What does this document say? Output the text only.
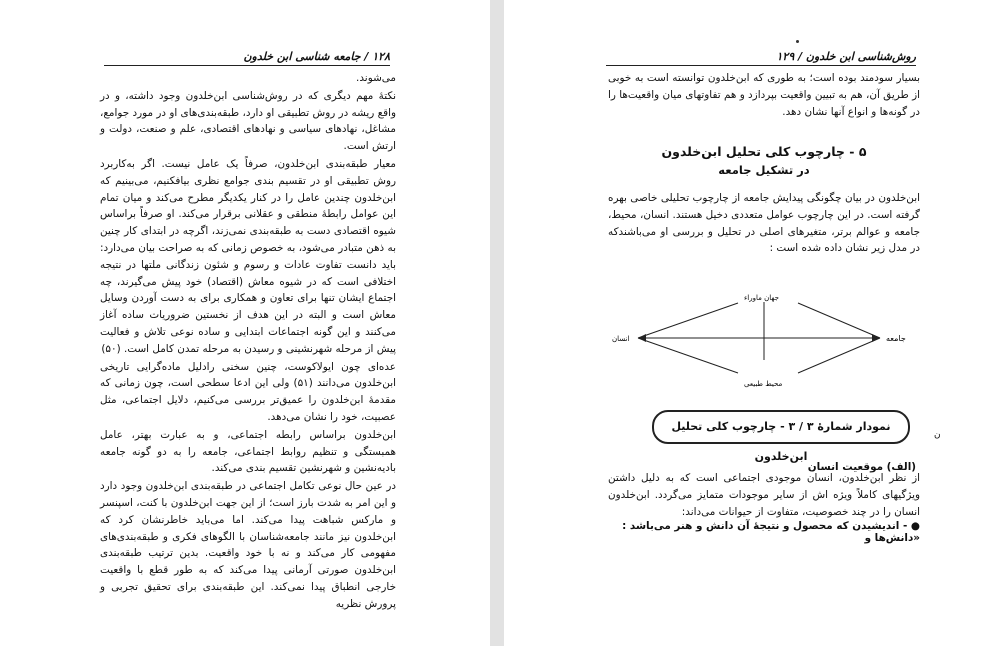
۱۲۸ / جامعه شناسی ابن خلدون

می‌شوند.

نکتهٔ مهم دیگری که در روش‌شناسی ابن‌خلدون وجود داشته، و در واقع ریشه در روش تطبیقی او دارد، طبقه‌بندی‌های او در مورد جوامع، مشاغل، نهادهای سیاسی و نهادهای اقتصادی، علم و صنعت، دولت و ارتش است.

معیار طبقه‌بندی ابن‌خلدون، صرفاً یک عامل نیست. اگر به‌کاربرد روش تطبیقی او در تقسیم بندی جوامع نظری بیافکنیم، می‌بینیم که ابن‌خلدون چندین عامل را در کنار یکدیگر مطرح می‌کند و میان تمام این عوامل رابطهٔ منطقی و عقلانی برقرار می‌کند. او صرفاً براساس شیوه اقتصادی دست به طبقه‌بندی نمی‌زند، اگرچه در ابتدای کار چنین به ذهن متبادر می‌شود، به خصوص زمانی که به صراحت بیان می‌دارد: باید دانست تفاوت عادات و رسوم و شئون زندگانی ملتها در نتیجه اختلافی است که در شیوه معاش (اقتصاد) خود پیش می‌گیرند، چه اجتماع ایشان تنها برای تعاون و همکاری برای به دست آوردن وسایل معاش است و البته در این هدف از نخستین ضروریات ساده آغاز می‌کنند و این گونه اجتماعات ابتدایی و ساده نوعی تلاش و فعالیت پیش از مرحله شهرنشینی و رسیدن به مرحله تمدن کامل است. (۵۰)

عده‌ای چون ایولاکوست، چنین سخنی رادلیل ماده‌گرایی تاریخی ابن‌خلدون می‌دانند (۵۱) ولی این ادعا سطحی است، چون زمانی که مقدمهٔ ابن‌خلدون را عمیق‌تر بررسی می‌کنیم، دلایل اجتماعی، مثل عصبیت، خود را نشان می‌دهد.

ابن‌خلدون براساس رابطه اجتماعی، و به عبارت بهتر، عامل همبستگی و تنظیم روابط اجتماعی، جامعه را به دو گونه جامعه بادیه‌نشین و شهرنشین تقسیم بندی می‌کند.

در عین حال نوعی تکامل اجتماعی در طبقه‌بندی ابن‌خلدون وجود دارد و این امر به شدت بارز است؛ از این جهت ابن‌خلدون با کنت، اسپنسر و مارکس شباهت پیدا می‌کند. اما می‌باید خاطرنشان کرد که ابن‌خلدون نیز مانند جامعه‌شناسان با الگوهای فکری و طبقه‌بندی‌های مفهومی کار می‌کند و نه با خود واقعیت. بدین ترتیب طبقه‌بندی ابن‌خلدون صورتی آرمانی پیدا می‌کند که به طور قطع با واقعیت خارجی انطباق پیدا نمی‌کند. این طبقه‌بندی برای تحقیق تجربی و پرورش نظریه

روش‌شناسی ابن خلدون / ۱۲۹
بسیار سودمند بوده است؛ به طوری که ابن‌خلدون توانسته است به خوبی از طریق آن، هم به تبیین واقعیت بپردازد و هم تفاوتهای میان واقعیت‌ها را در گونه‌ها و انواع آنها نشان دهد.
۵ - چارچوب کلی تحلیل ابن‌خلدون
در تشکیل جامعه
ابن‌خلدون در بیان چگونگی پیدایش جامعه از چارچوب تحلیلی خاصی بهره گرفته است. در این چارچوب عوامل متعددی دخیل هستند. انسان، محیط، جامعه و عوالم برتر، متغیرهای اصلی در تحلیل و بررسی او می‌باشندکه در مدل زیر نشان داده شده است :
جامعه
انسان
جهان ماوراء
محیط طبیعی
نمودار شمارهٔ ۳ / ۳ - چارچوب کلی تحلیل ابن‌خلدون
ن
(الف) موقعیت انسان
از نظر ابن‌خلدون، انسان موجودی اجتماعی است که به دلیل داشتن ویژگیهای کاملاً ویژه اش از سایر موجودات متمایز می‌گردد. ابن‌خلدون انسان را در چند خصوصیت، متفاوت از حیوانات می‌داند:
● - اندیشیدن که محصول و نتیجهٔ آن دانش و هنر می‌باشد : «دانش‌ها و
